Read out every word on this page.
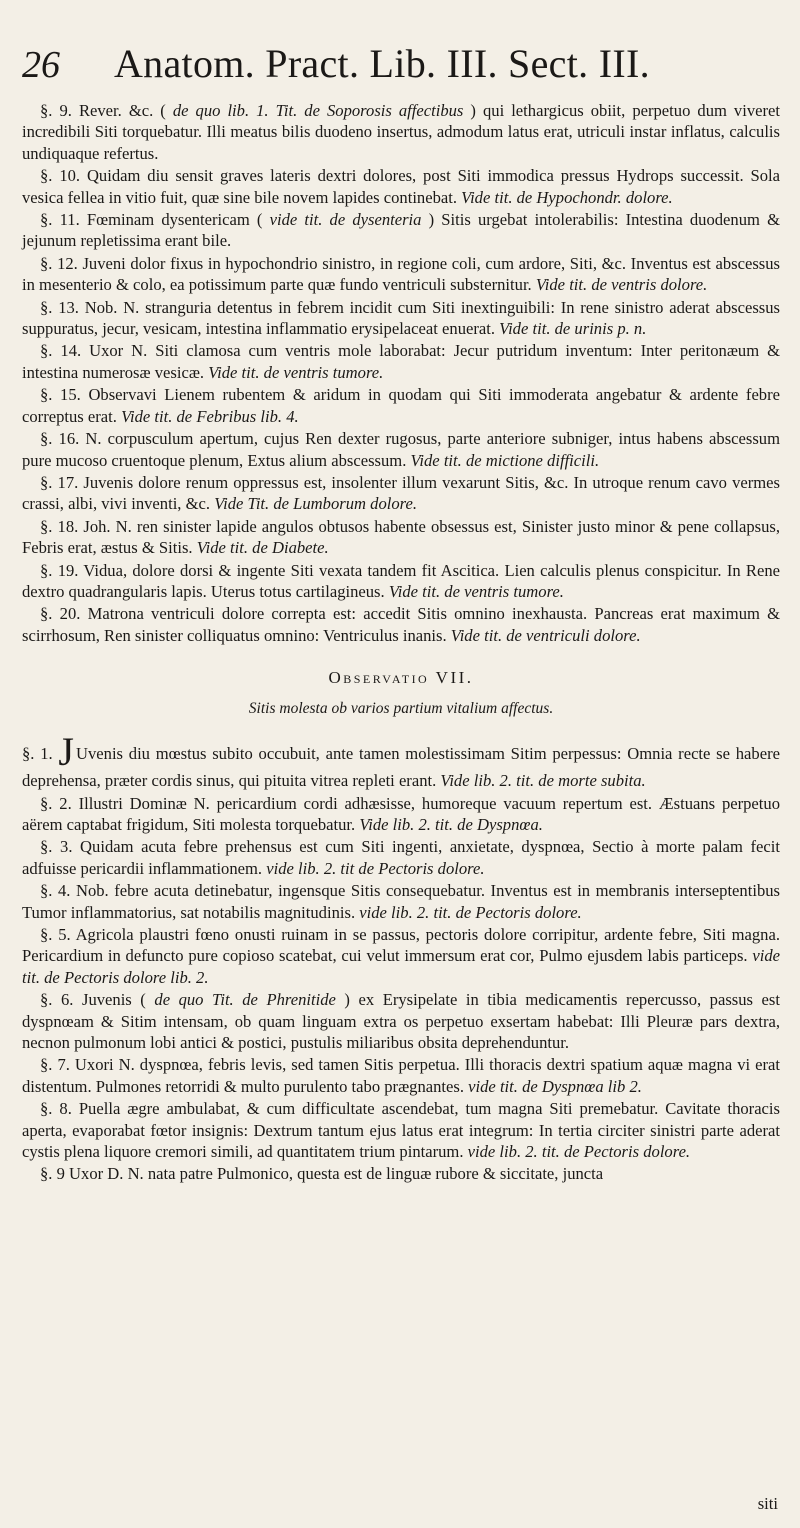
26	Anatom. Pract. Lib. III. Sect. III.

§. 9. Rever. &c. ( de quo lib. 1. Tit. de Soporosis affectibus ) qui lethargicus obiit, perpetuo dum viveret incredibili Siti torquebatur. Illi meatus bilis duodeno insertus, admodum latus erat, utriculi instar inflatus, calculis undiquaque refertus.

§. 10. Quidam diu sensit graves lateris dextri dolores, post Siti immodica pressus Hydrops successit. Sola vesica fellea in vitio fuit, quæ sine bile novem lapides continebat. Vide tit. de Hypochondr. dolore.

§. 11. Fœminam dysentericam ( vide tit. de dysenteria ) Sitis urgebat intolerabilis: Intestina duodenum & jejunum repletissima erant bile.

§. 12. Juveni dolor fixus in hypochondrio sinistro, in regione coli, cum ardore, Siti, &c. Inventus est abscessus in mesenterio & colo, ea potissimum parte quæ fundo ventriculi substernitur. Vide tit. de ventris dolore.

§. 13. Nob. N. stranguria detentus in febrem incidit cum Siti inextinguibili: In rene sinistro aderat abscessus suppuratus, jecur, vesicam, intestina inflammatio erysipelaceat enuerat. Vide tit. de urinis p. n.

§. 14. Uxor N. Siti clamosa cum ventris mole laborabat: Jecur putridum inventum: Inter peritonæum & intestina numerosæ vesicæ. Vide tit. de ventris tumore.

§. 15. Observavi Lienem rubentem & aridum in quodam qui Siti immoderata angebatur & ardente febre correptus erat. Vide tit. de Febribus lib. 4.

§. 16. N. corpusculum apertum, cujus Ren dexter rugosus, parte anteriore subniger, intus habens abscessum pure mucoso cruentoque plenum, Extus alium abscessum. Vide tit. de mictione difficili.

§. 17. Juvenis dolore renum oppressus est, insolenter illum vexarunt Sitis, &c. In utroque renum cavo vermes crassi, albi, vivi inventi, &c. Vide Tit. de Lumborum dolore.

§. 18. Joh. N. ren sinister lapide angulos obtusos habente obsessus est, Sinister justo minor & pene collapsus, Febris erat, æstus & Sitis. Vide tit. de Diabete.

§. 19. Vidua, dolore dorsi & ingente Siti vexata tandem fit Ascitica. Lien calculis plenus conspicitur. In Rene dextro quadrangularis lapis. Uterus totus cartilagineus. Vide tit. de ventris tumore.

§. 20. Matrona ventriculi dolore correpta est: accedit Sitis omnino inexhausta. Pancreas erat maximum & scirrhosum, Ren sinister colliquatus omnino: Ventriculus inanis. Vide tit. de ventriculi dolore.

Observatio VII.
Sitis molesta ob varios partium vitalium affectus.

§. 1. J Uvenis diu mœstus subito occubuit, ante tamen molestissimam Sitim perpessus: Omnia recte se habere deprehensa, præter cordis sinus, qui pituita vitrea repleti erant. Vide lib. 2. tit. de morte subita.

§. 2. Illustri Dominæ N. pericardium cordi adhæsisse, humoreque vacuum repertum est. Æstuans perpetuo aërem captabat frigidum, Siti molesta torquebatur. Vide lib. 2. tit. de Dyspnœa.

§. 3. Quidam acuta febre prehensus est cum Siti ingenti, anxietate, dyspnœa, Sectio à morte palam fecit adfuisse pericardii inflammationem. vide lib. 2. tit de Pectoris dolore.

§. 4. Nob. febre acuta detinebatur, ingensque Sitis consequebatur. Inventus est in membranis interseptentibus Tumor inflammatorius, sat notabilis magnitudinis. vide lib. 2. tit. de Pectoris dolore.

§. 5. Agricola plaustri fœno onusti ruinam in se passus, pectoris dolore corripitur, ardente febre, Siti magna. Pericardium in defuncto pure copioso scatebat, cui velut immersum erat cor, Pulmo ejusdem labis particeps. vide tit. de Pectoris dolore lib. 2.

§. 6. Juvenis ( de quo Tit. de Phrenitide ) ex Erysipelate in tibia medicamentis repercusso, passus est dyspnœam & Sitim intensam, ob quam linguam extra os perpetuo exsertam habebat: Illi Pleuræ pars dextra, necnon pulmonum lobi antici & postici, pustulis miliaribus obsita deprehenduntur.

§. 7. Uxori N. dyspnœa, febris levis, sed tamen Sitis perpetua. Illi thoracis dextri spatium aquæ magna vi erat distentum. Pulmones retorridi & multo purulento tabo prægnantes. vide tit. de Dyspnœa lib 2.

§. 8. Puella ægre ambulabat, & cum difficultate ascendebat, tum magna Siti premebatur. Cavitate thoracis aperta, evaporabat fœtor insignis: Dextrum tantum ejus latus erat integrum: In tertia circiter sinistri parte aderat cystis plena liquore cremori simili, ad quantitatem trium pintarum. vide lib. 2. tit. de Pectoris dolore.

§. 9 Uxor D. N. nata patre Pulmonico, questa est de linguæ rubore & siccitate, juncta

siti
